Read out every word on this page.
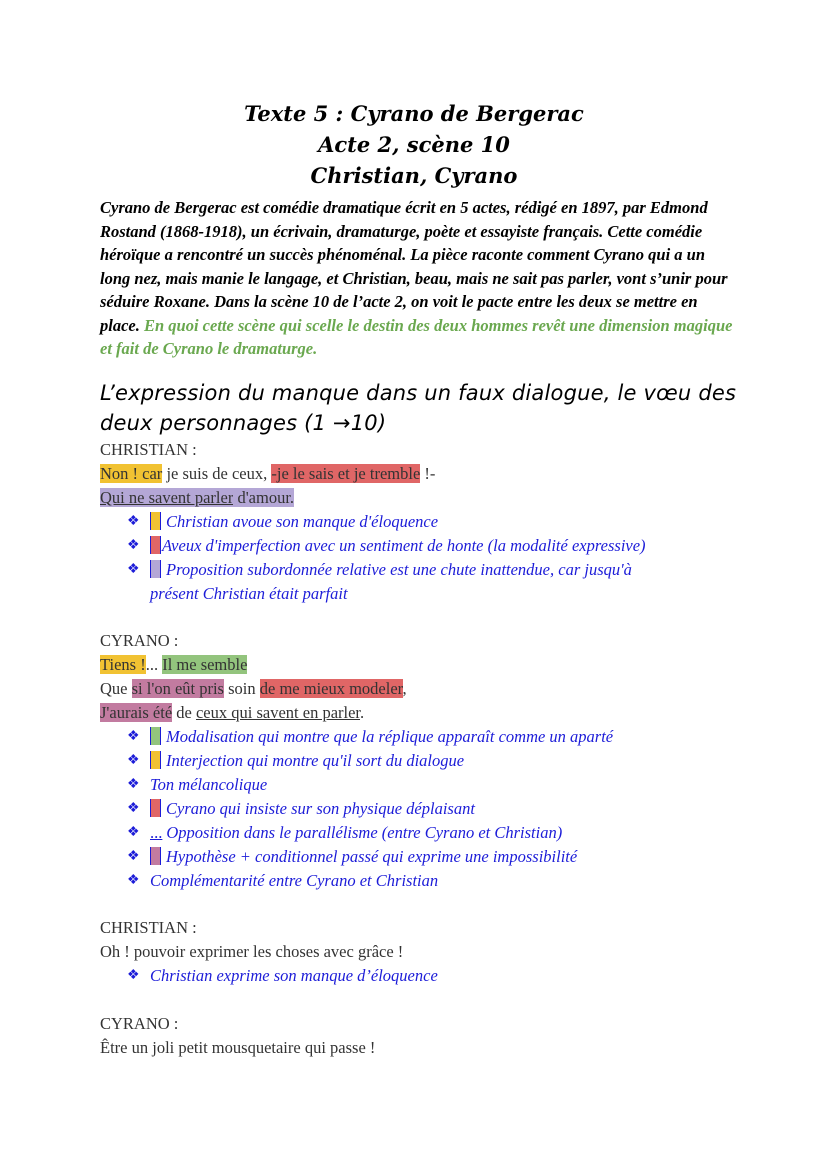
Texte 5 : Cyrano de Bergerac
Acte 2, scène 10
Christian, Cyrano
Cyrano de Bergerac est comédie dramatique écrit en 5 actes, rédigé en 1897, par Edmond Rostand (1868-1918), un écrivain, dramaturge, poète et essayiste français. Cette comédie héroïque a rencontré un succès phénoménal. La pièce raconte comment Cyrano qui a un long nez, mais manie le langage, et Christian, beau, mais ne sait pas parler, vont s’unir pour séduire Roxane. Dans la scène 10 de l’acte 2, on voit le pacte entre les deux se mettre en place. En quoi cette scène qui scelle le destin des deux hommes revêt une dimension magique et fait de Cyrano le dramaturge.
L’expression du manque dans un faux dialogue, le vœu des deux personnages (1 →10)
CHRISTIAN :
Non ! car je suis de ceux, -je le sais et je tremble !-
Qui ne savent parler d'amour.
❖ Christian avoue son manque d'éloquence
❖ Aveux d'imperfection avec un sentiment de honte (la modalité expressive)
❖ Proposition subordonnée relative est une chute inattendue, car jusqu'à
présent Christian était parfait
CYRANO :
Tiens !... Il me semble
Que si l'on eût pris soin de me mieux modeler,
J'aurais été de ceux qui savent en parler.
❖ Modalisation qui montre que la réplique apparaît comme un aparté
❖ Interjection qui montre qu'il sort du dialogue
❖ Ton mélancolique
❖ Cyrano qui insiste sur son physique déplaisant
❖ ... Opposition dans le parallélisme (entre Cyrano et Christian)
❖ Hypothèse + conditionnel passé qui exprime une impossibilité
❖ Complémentarité entre Cyrano et Christian
CHRISTIAN :
Oh ! pouvoir exprimer les choses avec grâce !
❖ Christian exprime son manque d’éloquence
CYRANO :
Être un joli petit mousquetaire qui passe !
